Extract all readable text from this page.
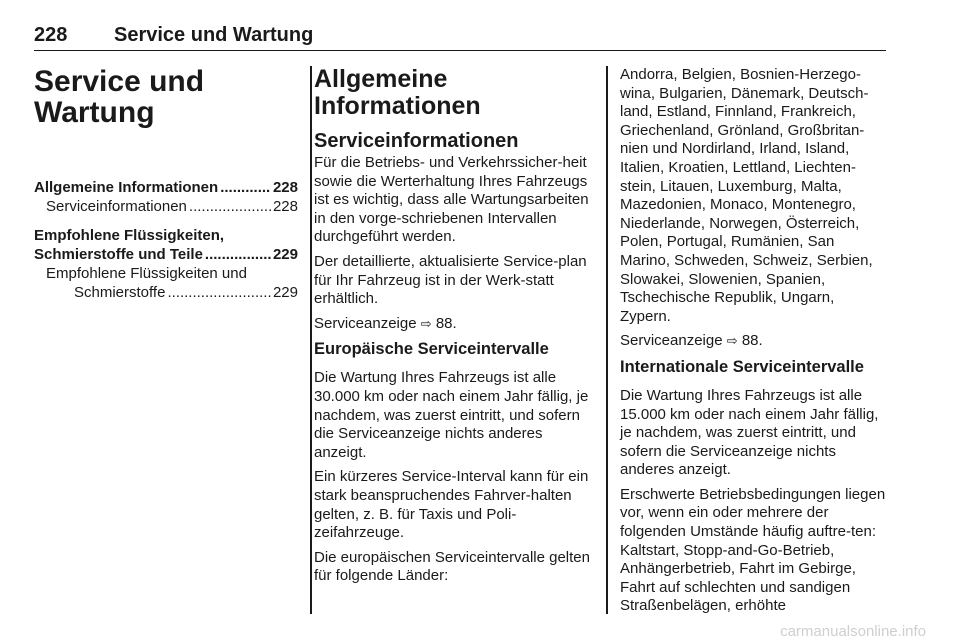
228 Service und Wartung
Service und
Wartung
Allgemeine Informationen .....	228
Serviceinformationen .....	228
Empfohlene Flüssigkeiten,
Schmierstoffe und Teile .....	229
Empfohlene Flüssigkeiten und
Schmierstoffe .....	229
Allgemeine
Informationen
Serviceinformationen

Für die Betriebs- und Verkehrssicher-heit sowie die Werterhaltung Ihres Fahrzeugs ist es wichtig, dass alle Wartungsarbeiten in den vorge-schriebenen Intervallen durchgeführt werden.

Der detaillierte, aktualisierte Service-plan für Ihr Fahrzeug ist in der Werk-statt erhältlich.

Serviceanzeige ⇨ 88.

Europäische Serviceintervalle

Die Wartung Ihres Fahrzeugs ist alle 30.000 km oder nach einem Jahr fällig, je nachdem, was zuerst eintritt, und sofern die Serviceanzeige nichts anderes anzeigt.

Ein kürzeres Service-Interval kann für ein stark beanspruchendes Fahrver-halten gelten, z. B. für Taxis und Poli-zeifahrzeuge.

Die europäischen Serviceintervalle gelten für folgende Länder:

Andorra, Belgien, Bosnien-Herzego-wina, Bulgarien, Dänemark, Deutsch-land, Estland, Finnland, Frankreich, Griechenland, Grönland, Großbritan-nien und Nordirland, Irland, Island, Italien, Kroatien, Lettland, Liechten-stein, Litauen, Luxemburg, Malta, Mazedonien, Monaco, Montenegro, Niederlande, Norwegen, Österreich, Polen, Portugal, Rumänien, San Marino, Schweden, Schweiz, Serbien, Slowakei, Slowenien, Spanien, Tschechische Republik, Ungarn, Zypern.

Serviceanzeige ⇨ 88.

Internationale Serviceintervalle

Die Wartung Ihres Fahrzeugs ist alle 15.000 km oder nach einem Jahr fällig, je nachdem, was zuerst eintritt, und sofern die Serviceanzeige nichts anderes anzeigt.

Erschwerte Betriebsbedingungen liegen vor, wenn ein oder mehrere der folgenden Umstände häufig auftre-ten: Kaltstart, Stopp-and-Go-Betrieb, Anhängerbetrieb, Fahrt im Gebirge, Fahrt auf schlechten und sandigen Straßenbelägen, erhöhte

carmanualsonline.info
